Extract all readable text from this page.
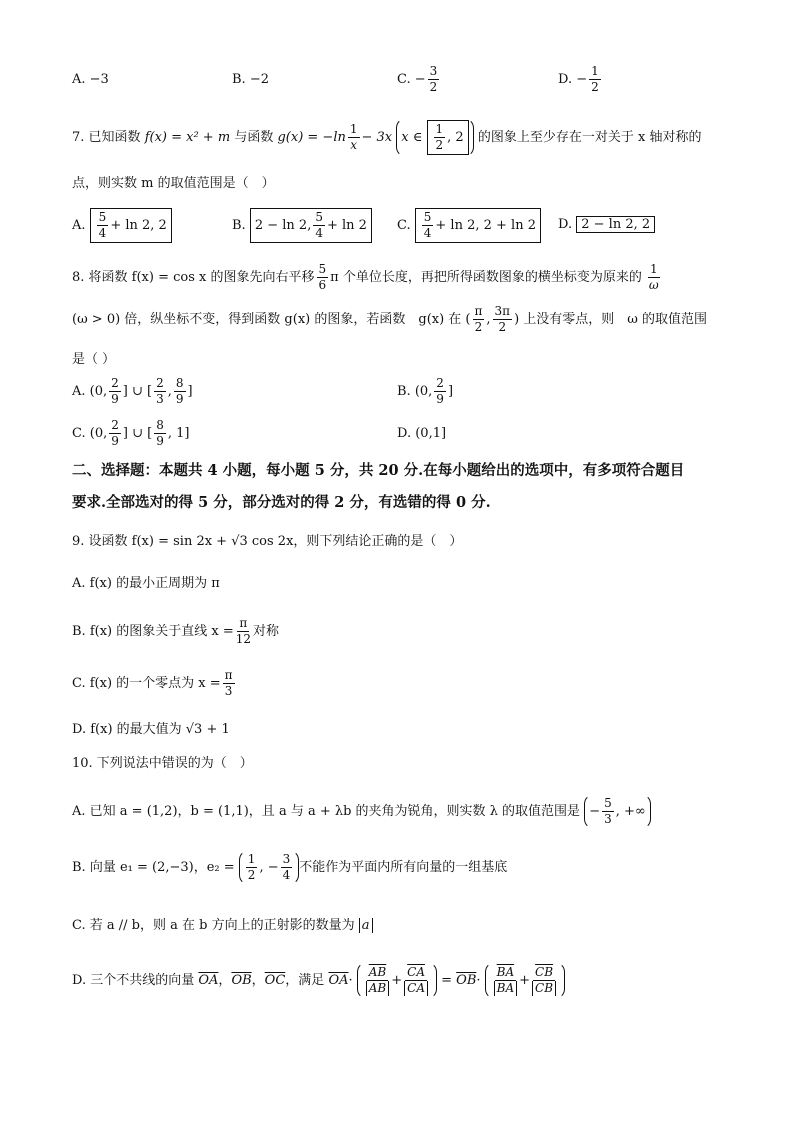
A. −3	B. −2	C. − $\frac{3}{2}$	D. − $\frac{1}{2}$
7. 已知函数 f(x) = x² + m 与函数 $g(x) = -\ln \frac{1}{x} - 3x$ x ∈ $\frac{1}{2}$ , 2 的图象上至少存在一对关于 x 轴对称的
点，则实数 m 的取值范围是（　）
A. $\frac{5}{4} + \ln 2$, 2	B. 2 − ln 2, $\frac{5}{4} + \ln 2$	C. $\frac{5}{4} + \ln 2$, 2 + ln 2	D. 2 − ln 2, 2
8. 将函数 f(x) = cos x 的图象先向右平移 $\frac{5}{6}$ π 个单位长度，再把所得函数图象的横坐标变为原来的 $\frac{1}{\omega}$
(ω > 0) 倍，纵坐标不变，得到函数 g(x) 的图象，若函数　g(x) 在 ( $\frac{\pi}{2}$ , $\frac{3\pi}{2}$ ) 上没有零点，则　ω 的取值范围
是（ ）
A. (0, $\frac{2}{9}$ ] ∪ [ $\frac{2}{3}$ , $\frac{8}{9}$ ]	B. (0, $\frac{2}{9}$ ]
C. (0, $\frac{2}{9}$ ] ∪ [ $\frac{8}{9}$ , 1]	D. (0,1]
二、选择题：本题共 4 小题，每小题 5 分，共 20 分.在每小题给出的选项中，有多项符合题目
要求.全部选对的得 5 分，部分选对的得 2 分，有选错的得 0 分.
9. 设函数 f(x) = sin 2x + √3 cos 2x，则下列结论正确的是（　）
A. f(x) 的最小正周期为 π
B. f(x) 的图象关于直线 $x = \frac{\pi}{12}$ 对称
C. f(x) 的一个零点为 $x = \frac{\pi}{3}$
D. f(x) 的最大值为 √3 + 1
10. 下列说法中错误的为（　）
A. 已知 a = (1,2)，b = (1,1)，且 a 与 a + λb 的夹角为锐角，则实数 λ 的取值范围是 − $\frac{5}{3}$ , +∞
B. 向量 e₁ = (2,−3)，$e_2 = \frac{1}{2}$ , − $\frac{3}{4}$ 不能作为平面内所有向量的一组基底
C. 若 a // b，则 a 在 b 方向上的正射影的数量为 a
D. 三个不共线的向量 $\overline{OA}$，$\overline{OB}$，$\overline{OC}$，满足 $\overline{OA}\cdot \frac{\overline{AB}}{AB} + \frac{\overline{CA}}{CA} = \overline{OB}\cdot \frac{\overline{BA}}{BA} + \frac{\overline{CB}}{CB}$
